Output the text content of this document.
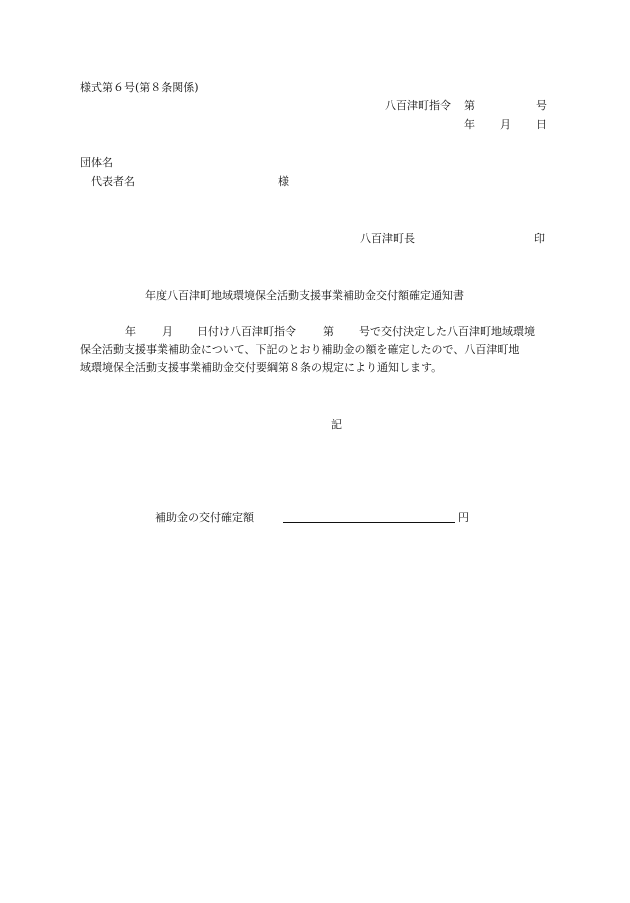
様式第６号(第８条関係)
八百津町指令 第	号
年 月 日
団体名
代表者名	様
八百津町長	印
年度八百津町地域環境保全活動支援事業補助金交付額確定通知書
年 月 日付け八百津町指令 第 号で交付決定した八百津町地域環境
保全活動支援事業補助金について、下記のとおり補助金の額を確定したので、八百津町地
域環境保全活動支援事業補助金交付要綱第８条の規定により通知します。
記
補助金の交付確定額	円
